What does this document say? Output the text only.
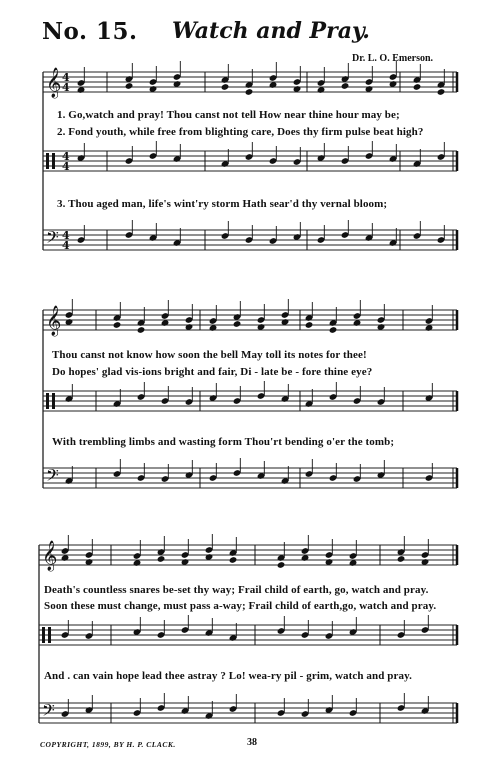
No. 15. Watch and Pray.
Dr. L. O. Emerson.
𝄞 4
4
4
4
𝄢 4
4
𝄞
𝄢
𝄞
𝄢
1. Go,watch and pray! Thou canst not tell How near thine hour may be;
2. Fond youth, while free from blighting care, Does thy firm pulse beat high?
3. Thou aged man, life's wint'ry storm Hath sear'd thy vernal bloom;
Thou canst not know how soon the bell May toll its notes for thee!
Do hopes' glad vis-ions bright and fair, Di - late be - fore thine eye?
With trembling limbs and wasting form Thou'rt bending o'er the tomb;
Death's countless snares be-set thy way; Frail child of earth, go, watch and pray.
Soon these must change, must pass a-way; Frail child of earth,go, watch and pray.
And . can vain hope lead thee astray ? Lo! wea-ry pil - grim, watch and pray.
COPYRIGHT, 1899, BY H. P. CLACK.	38
